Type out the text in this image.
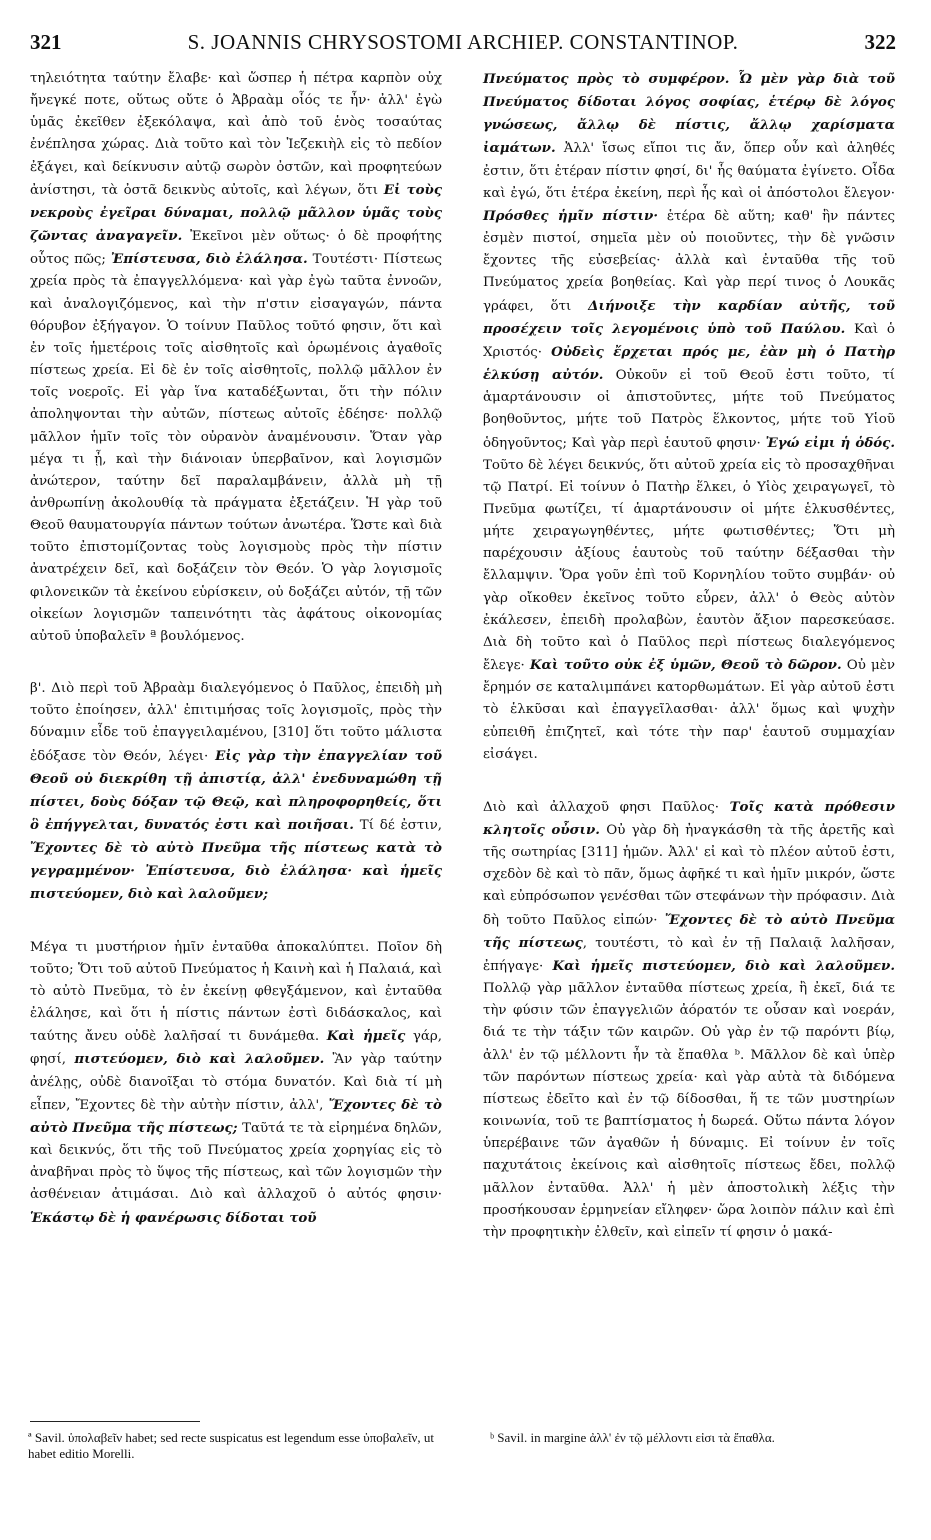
321	S. JOANNIS CHRYSOSTOMI ARCHIEP. CONSTANTINOP.	322

τηλειότητα ταύτην ἔλαβε· καὶ ὥσπερ ἡ πέτρα καρπὸν οὐχ ἤνεγκέ ποτε, οὕτως οὔτε ὁ Ἀβραὰμ οἷός τε ἦν· ἀλλ' ἐγὼ ὑμᾶς ἐκεῖθεν ἐξεκόλαψα, καὶ ἀπὸ τοῦ ἑνὸς τοσαύτας ἐνέπλησα χώρας. Διὰ τοῦτο καὶ τὸν Ἰεζεκιὴλ εἰς τὸ πεδίον ἐξάγει, καὶ δείκνυσιν αὐτῷ σωρὸν ὀστῶν, καὶ προφητεύων ἀνίστησι, τὰ ὀστᾶ δεικνὺς αὐτοῖς, καὶ λέγων, ὅτι Εἰ τοὺς νεκροὺς ἐγεῖραι δύναμαι, πολλῷ μᾶλλον ὑμᾶς τοὺς ζῶντας ἀναγαγεῖν. Ἐκεῖνοι μὲν οὕτως· ὁ δὲ προφήτης οὗτος πῶς; Ἐπίστευσα, διὸ ἐλάλησα. Τουτέστι· Πίστεως χρεία πρὸς τὰ ἐπαγγελλόμενα· καὶ γὰρ ἐγὼ ταῦτα ἐννοῶν, καὶ ἀναλογιζόμενος, καὶ τὴν π'στιν εἰσαγαγών, πάντα θόρυβον ἐξήγαγον. Ὁ τοίνυν Παῦλος τοῦτό φησιν, ὅτι καὶ ἐν τοῖς ἡμετέροις τοῖς αἰσθητοῖς καὶ ὁρωμένοις ἀγαθοῖς πίστεως χρεία. Εἰ δὲ ἐν τοῖς αἰσθητοῖς, πολλῷ μᾶλλον ἐν τοῖς νοεροῖς. Εἰ γὰρ ἵνα καταδέξωνται, ὅτι τὴν πόλιν ἀποληψονται τὴν αὐτῶν, πίστεως αὐτοῖς ἐδέησε· πολλῷ μᾶλλον ἡμῖν τοῖς τὸν οὐρανὸν ἀναμένουσιν. Ὅταν γὰρ μέγα τι ᾖ, καὶ τὴν διάνοιαν ὑπερβαῖνον, καὶ λογισμῶν ἀνώτερον, ταύτην δεῖ παραλαμβάνειν, ἀλλὰ μὴ τῇ ἀνθρωπίνῃ ἀκολουθίᾳ τὰ πράγματα ἐξετάζειν. Ἡ γὰρ τοῦ Θεοῦ θαυματουργία πάντων τούτων ἀνωτέρα. Ὥστε καὶ διὰ τοῦτο ἐπιστομίζοντας τοὺς λογισμοὺς πρὸς τὴν πίστιν ἀνατρέχειν δεῖ, καὶ δοξάζειν τὸν Θεόν. Ὁ γὰρ λογισμοῖς φιλονεικῶν τὰ ἐκείνου εὑρίσκειν, οὐ δοξάζει αὐτόν, τῇ τῶν οἰκείων λογισμῶν ταπεινότητι τὰς ἀφάτους οἰκονομίας αὐτοῦ ὑποβαλεῖν ª βουλόμενος.

β'. Διὸ περὶ τοῦ Ἀβραὰμ διαλεγόμενος ὁ Παῦλος, ἐπειδὴ μὴ τοῦτο ἐποίησεν, ἀλλ' ἐπιτιμήσας τοῖς λογισμοῖς, πρὸς τὴν δύναμιν εἶδε τοῦ ἐπαγγειλαμένου, [310] ὅτι τοῦτο μάλιστα ἐδόξασε τὸν Θεόν, λέγει· Εἰς γὰρ τὴν ἐπαγγελίαν τοῦ Θεοῦ οὐ διεκρίθη τῇ ἀπιστίᾳ, ἀλλ' ἐνεδυναμώθη τῇ πίστει, δοὺς δόξαν τῷ Θεῷ, καὶ πληροφορηθείς, ὅτι ὃ ἐπήγγελται, δυνατός ἐστι καὶ ποιῆσαι. Τί δέ ἐστιν, Ἔχοντες δὲ τὸ αὐτὸ Πνεῦμα τῆς πίστεως κατὰ τὸ γεγραμμένον· Ἐπίστευσα, διὸ ἐλάλησα· καὶ ἡμεῖς πιστεύομεν, διὸ καὶ λαλοῦμεν;

Μέγα τι μυστήριον ἡμῖν ἐνταῦθα ἀποκαλύπτει. Ποῖον δὴ τοῦτο; Ὅτι τοῦ αὐτοῦ Πνεύματος ἡ Καινὴ καὶ ἡ Παλαιά, καὶ τὸ αὐτὸ Πνεῦμα, τὸ ἐν ἐκείνῃ φθεγξάμενον, καὶ ἐνταῦθα ἐλάλησε, καὶ ὅτι ἡ πίστις πάντων ἐστὶ διδάσκαλος, καὶ ταύτης ἄνευ οὐδὲ λαλῆσαί τι δυνάμεθα. Καὶ ἡμεῖς γάρ, φησί, πιστεύομεν, διὸ καὶ λαλοῦμεν. Ἂν γὰρ ταύτην ἀνέλῃς, οὐδὲ διανοῖξαι τὸ στόμα δυνατόν. Καὶ διὰ τί μὴ εἶπεν, Ἔχοντες δὲ τὴν αὐτὴν πίστιν, ἀλλ', Ἔχοντες δὲ τὸ αὐτὸ Πνεῦμα τῆς πίστεως; Ταῦτά τε τὰ εἰρημένα δηλῶν, καὶ δεικνύς, ὅτι τῆς τοῦ Πνεύματος χρεία χορηγίας εἰς τὸ ἀναβῆναι πρὸς τὸ ὕψος τῆς πίστεως, καὶ τῶν λογισμῶν τὴν ἀσθένειαν ἀτιμάσαι. Διὸ καὶ ἀλλαχοῦ ὁ αὐτός φησιν· Ἑκάστῳ δὲ ἡ φανέρωσις δίδοται τοῦ

Πνεύματος πρὸς τὸ συμφέρον. Ὧ μὲν γὰρ διὰ τοῦ Πνεύματος δίδοται λόγος σοφίας, ἑτέρῳ δὲ λόγος γνώσεως, ἄλλῳ δὲ πίστις, ἄλλῳ χαρίσματα ἰαμάτων. Ἀλλ' ἴσως εἴποι τις ἄν, ὅπερ οὖν καὶ ἀληθές ἐστιν, ὅτι ἑτέραν πίστιν φησί, δι' ἧς θαύματα ἐγίνετο. Οἶδα καὶ ἐγώ, ὅτι ἑτέρα ἐκείνη, περὶ ἧς καὶ οἱ ἀπόστολοι ἔλεγον· Πρόσθες ἡμῖν πίστιν· ἑτέρα δὲ αὕτη; καθ' ἣν πάντες ἐσμὲν πιστοί, σημεῖα μὲν οὐ ποιοῦντες, τὴν δὲ γνῶσιν ἔχοντες τῆς εὐσεβείας· ἀλλὰ καὶ ἐνταῦθα τῆς τοῦ Πνεύματος χρεία βοηθείας. Καὶ γὰρ περί τινος ὁ Λουκᾶς γράφει, ὅτι Διήνοιξε τὴν καρδίαν αὐτῆς, τοῦ προσέχειν τοῖς λεγομένοις ὑπὸ τοῦ Παύλου. Καὶ ὁ Χριστός· Οὐδεὶς ἔρχεται πρός με, ἐὰν μὴ ὁ Πατὴρ ἑλκύσῃ αὐτόν. Οὐκοῦν εἰ τοῦ Θεοῦ ἐστι τοῦτο, τί ἁμαρτάνουσιν οἱ ἀπιστοῦντες, μήτε τοῦ Πνεύματος βοηθοῦντος, μήτε τοῦ Πατρὸς ἕλκοντος, μήτε τοῦ Υἱοῦ ὁδηγοῦντος; Καὶ γὰρ περὶ ἑαυτοῦ φησιν· Ἐγώ εἰμι ἡ ὁδός. Τοῦτο δὲ λέγει δεικνύς, ὅτι αὐτοῦ χρεία εἰς τὸ προσαχθῆναι τῷ Πατρί. Εἰ τοίνυν ὁ Πατὴρ ἕλκει, ὁ Υἱὸς χειραγωγεῖ, τὸ Πνεῦμα φωτίζει, τί ἁμαρτάνουσιν οἱ μήτε ἑλκυσθέντες, μήτε χειραγωγηθέντες, μήτε φωτισθέντες; Ὅτι μὴ παρέχουσιν ἀξίους ἑαυτοὺς τοῦ ταύτην δέξασθαι τὴν ἔλλαμψιν. Ὅρα γοῦν ἐπὶ τοῦ Κορνηλίου τοῦτο συμβάν· οὐ γὰρ οἴκοθεν ἐκεῖνος τοῦτο εὗρεν, ἀλλ' ὁ Θεὸς αὐτὸν ἐκάλεσεν, ἐπειδὴ προλαβὼν, ἑαυτὸν ἄξιον παρεσκεύασε. Διὰ δὴ τοῦτο καὶ ὁ Παῦλος περὶ πίστεως διαλεγόμενος ἔλεγε· Καὶ τοῦτο οὐκ ἐξ ὑμῶν, Θεοῦ τὸ δῶρον. Οὐ μὲν ἔρημόν σε καταλιμπάνει κατορθωμάτων. Εἰ γὰρ αὐτοῦ ἐστι τὸ ἑλκῦσαι καὶ ἐπαγγεῖλασθαι· ἀλλ' ὅμως καὶ ψυχὴν εὐπειθῆ ἐπιζητεῖ, καὶ τότε τὴν παρ' ἑαυτοῦ συμμαχίαν εἰσάγει.

Διὸ καὶ ἀλλαχοῦ φησι Παῦλος· Τοῖς κατὰ πρόθεσιν κλητοῖς οὖσιν. Οὐ γὰρ δὴ ἠναγκάσθη τὰ τῆς ἀρετῆς καὶ τῆς σωτηρίας [311] ἡμῶν. Ἀλλ' εἰ καὶ τὸ πλέον αὐτοῦ ἐστι, σχεδὸν δὲ καὶ τὸ πᾶν, ὅμως ἀφῆκέ τι καὶ ἡμῖν μικρόν, ὥστε καὶ εὐπρόσωπον γενέσθαι τῶν στεφάνων τὴν πρόφασιν. Διὰ δὴ τοῦτο Παῦλος εἰπών· Ἔχοντες δὲ τὸ αὐτὸ Πνεῦμα τῆς πίστεως, τουτέστι, τὸ καὶ ἐν τῇ Παλαιᾷ λαλῆσαν, ἐπήγαγε· Καὶ ἡμεῖς πιστεύομεν, διὸ καὶ λαλοῦμεν. Πολλῷ γὰρ μᾶλλον ἐνταῦθα πίστεως χρεία, ἢ ἐκεῖ, διά τε τὴν φύσιν τῶν ἐπαγγελιῶν ἀόρατόν τε οὖσαν καὶ νοεράν, διά τε τὴν τάξιν τῶν καιρῶν. Οὐ γὰρ ἐν τῷ παρόντι βίῳ, ἀλλ' ἐν τῷ μέλλοντι ἦν τὰ ἔπαθλα ᵇ. Μᾶλλον δὲ καὶ ὑπὲρ τῶν παρόντων πίστεως χρεία· καὶ γὰρ αὐτὰ τὰ διδόμενα πίστεως ἐδεῖτο καὶ ἐν τῷ δίδοσθαι, ἥ τε τῶν μυστηρίων κοινωνία, τοῦ τε βαπτίσματος ἡ δωρεά. Οὕτω πάντα λόγον ὑπερέβαινε τῶν ἀγαθῶν ἡ δύναμις. Εἰ τοίνυν ἐν τοῖς παχυτάτοις ἐκείνοις καὶ αἰσθητοῖς πίστεως ἔδει, πολλῷ μᾶλλον ἐνταῦθα. Ἀλλ' ἡ μὲν ἀποστολικὴ λέξις τὴν προσήκουσαν ἑρμηνείαν εἴληφεν· ὥρα λοιπὸν πάλιν καὶ ἐπὶ τὴν προφητικὴν ἐλθεῖν, καὶ εἰπεῖν τί φησιν ὁ μακά-

ª Savil. ὑπολαβεῖν habet; sed recte suspicatus est legendum esse ὑποβαλεῖν, ut habet editio Morelli.
ᵇ Savil. in margine ἀλλ' ἐν τῷ μέλλοντι εἰσι τὰ ἔπαθλα.
